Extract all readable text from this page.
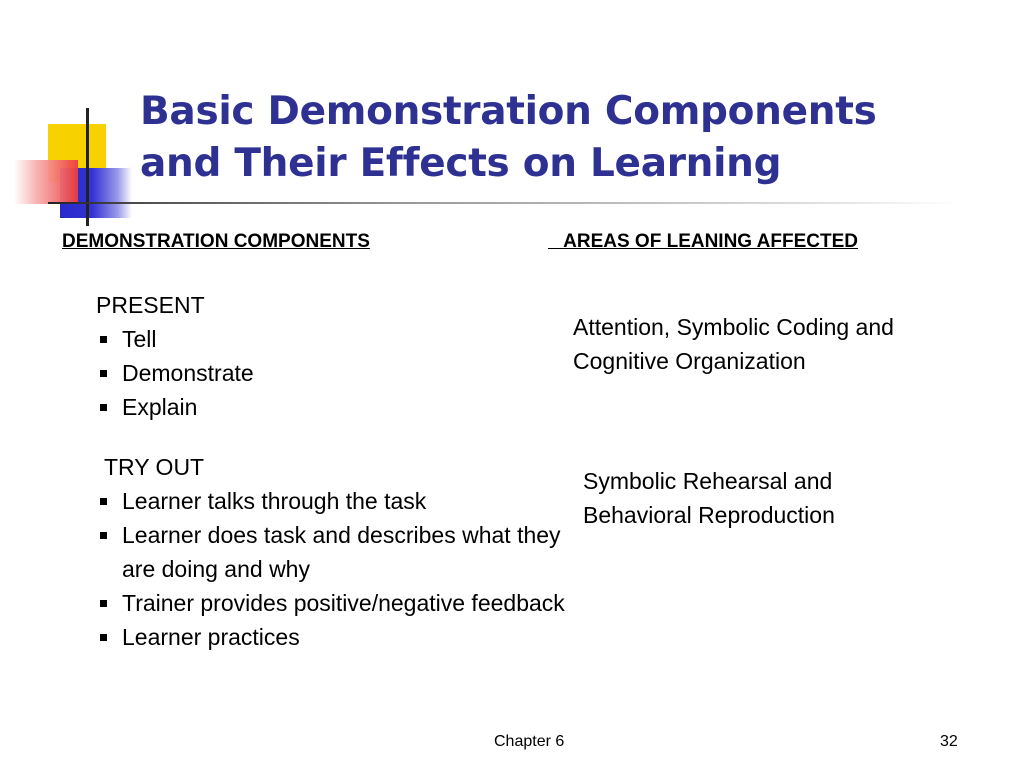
Basic Demonstration Components
and Their Effects on Learning
DEMONSTRATION COMPONENTS	AREAS OF LEANING AFFECTED
PRESENT
Tell
Demonstrate
Explain
Attention, Symbolic Coding and
Cognitive Organization
TRY OUT
Learner talks through the task
Learner does task and describes what they are doing and why
Trainer provides positive/negative feedback
Learner practices
Symbolic Rehearsal and
Behavioral Reproduction
Chapter 6	32
